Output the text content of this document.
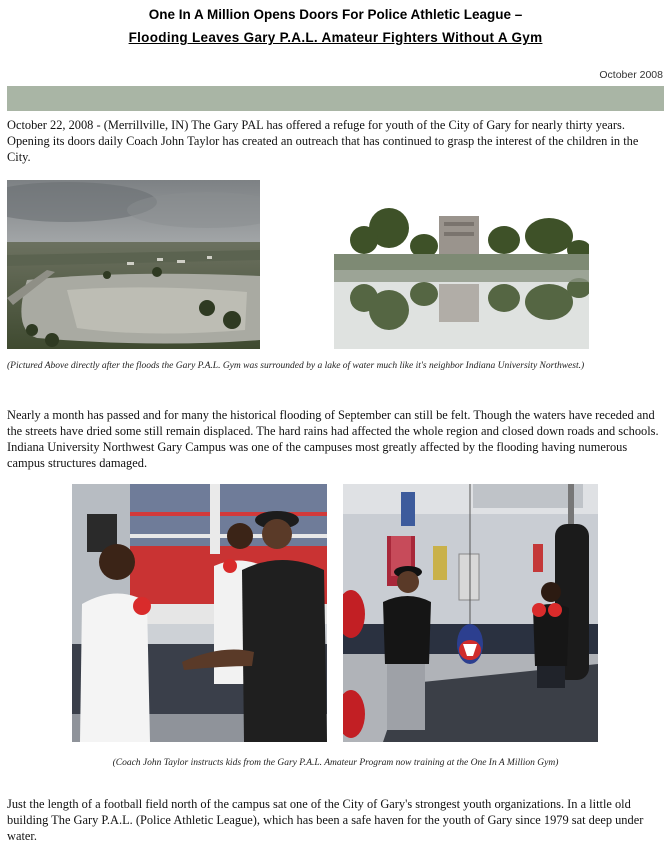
One In A Million Opens Doors For Police Athletic League –
Flooding Leaves Gary P.A.L. Amateur Fighters Without A Gym
October 2008

October 22, 2008 - (Merrillville, IN) The Gary PAL has offered a refuge for youth of the City of Gary for nearly thirty years. Opening its doors daily Coach John Taylor has created an outreach that has continued to grasp the interest of the children in the City.

(Pictured Above directly after the floods the Gary P.A.L. Gym was surrounded by a lake of water much like it's neighbor Indiana University Northwest.)

Nearly a month has passed and for many the historical flooding of September can still be felt. Though the waters have receded and the streets have dried some still remain displaced. The hard rains had affected the whole region and closed down roads and schools. Indiana University Northwest Gary Campus was one of the campuses most greatly affected by the flooding having numerous campus structures damaged.

(Coach John Taylor instructs kids from the Gary P.A.L. Amateur Program now training at the One In A Million Gym)

Just the length of a football field north of the campus sat one of the City of Gary's strongest youth organizations. In a little old building The Gary P.A.L. (Police Athletic League), which has been a safe haven for the youth of Gary since 1979 sat deep under water.
